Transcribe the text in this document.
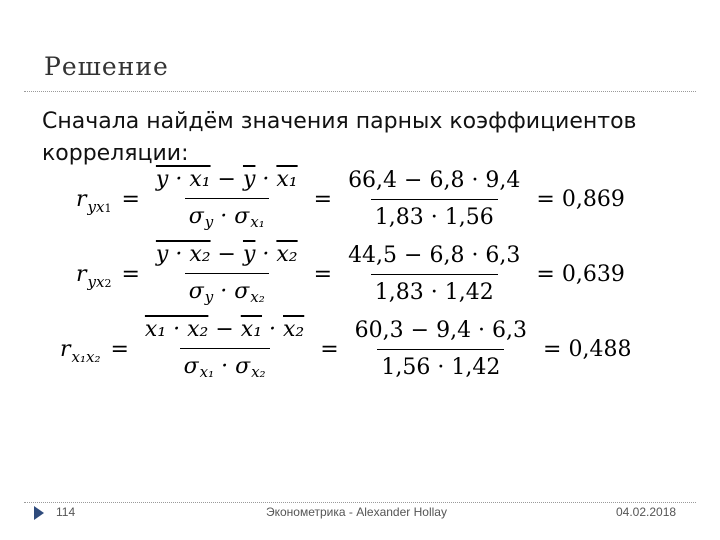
Решение
Сначала найдём значения парных коэффициентов корреляции:
r $yx1 = \frac{y \cdot x_1 - \overline{y} \cdot x_1}{\text{σy · σx₁}} = \frac{66,4 - 6,8 \cdot 9,4}{1,83 \cdot 1,56} = 0,869$
r $yx2 = \frac{y \cdot x_2 - \overline{y} \cdot x_2}{\text{σy · σx₂}} = \frac{44,5 - 6,8 \cdot 6,3}{1,83 \cdot 1,42} = 0,639$
r $x_1x_2 = \frac{\text{x₁ · x₂ − x₁ · x₂}}{\text{σx₁ · σx₂}} = \frac{60,3 - 9,4 \cdot 6,3}{1,56 \cdot 1,42} = 0,488$
114	Эконометрика - Alexander Hollay	04.02.2018
